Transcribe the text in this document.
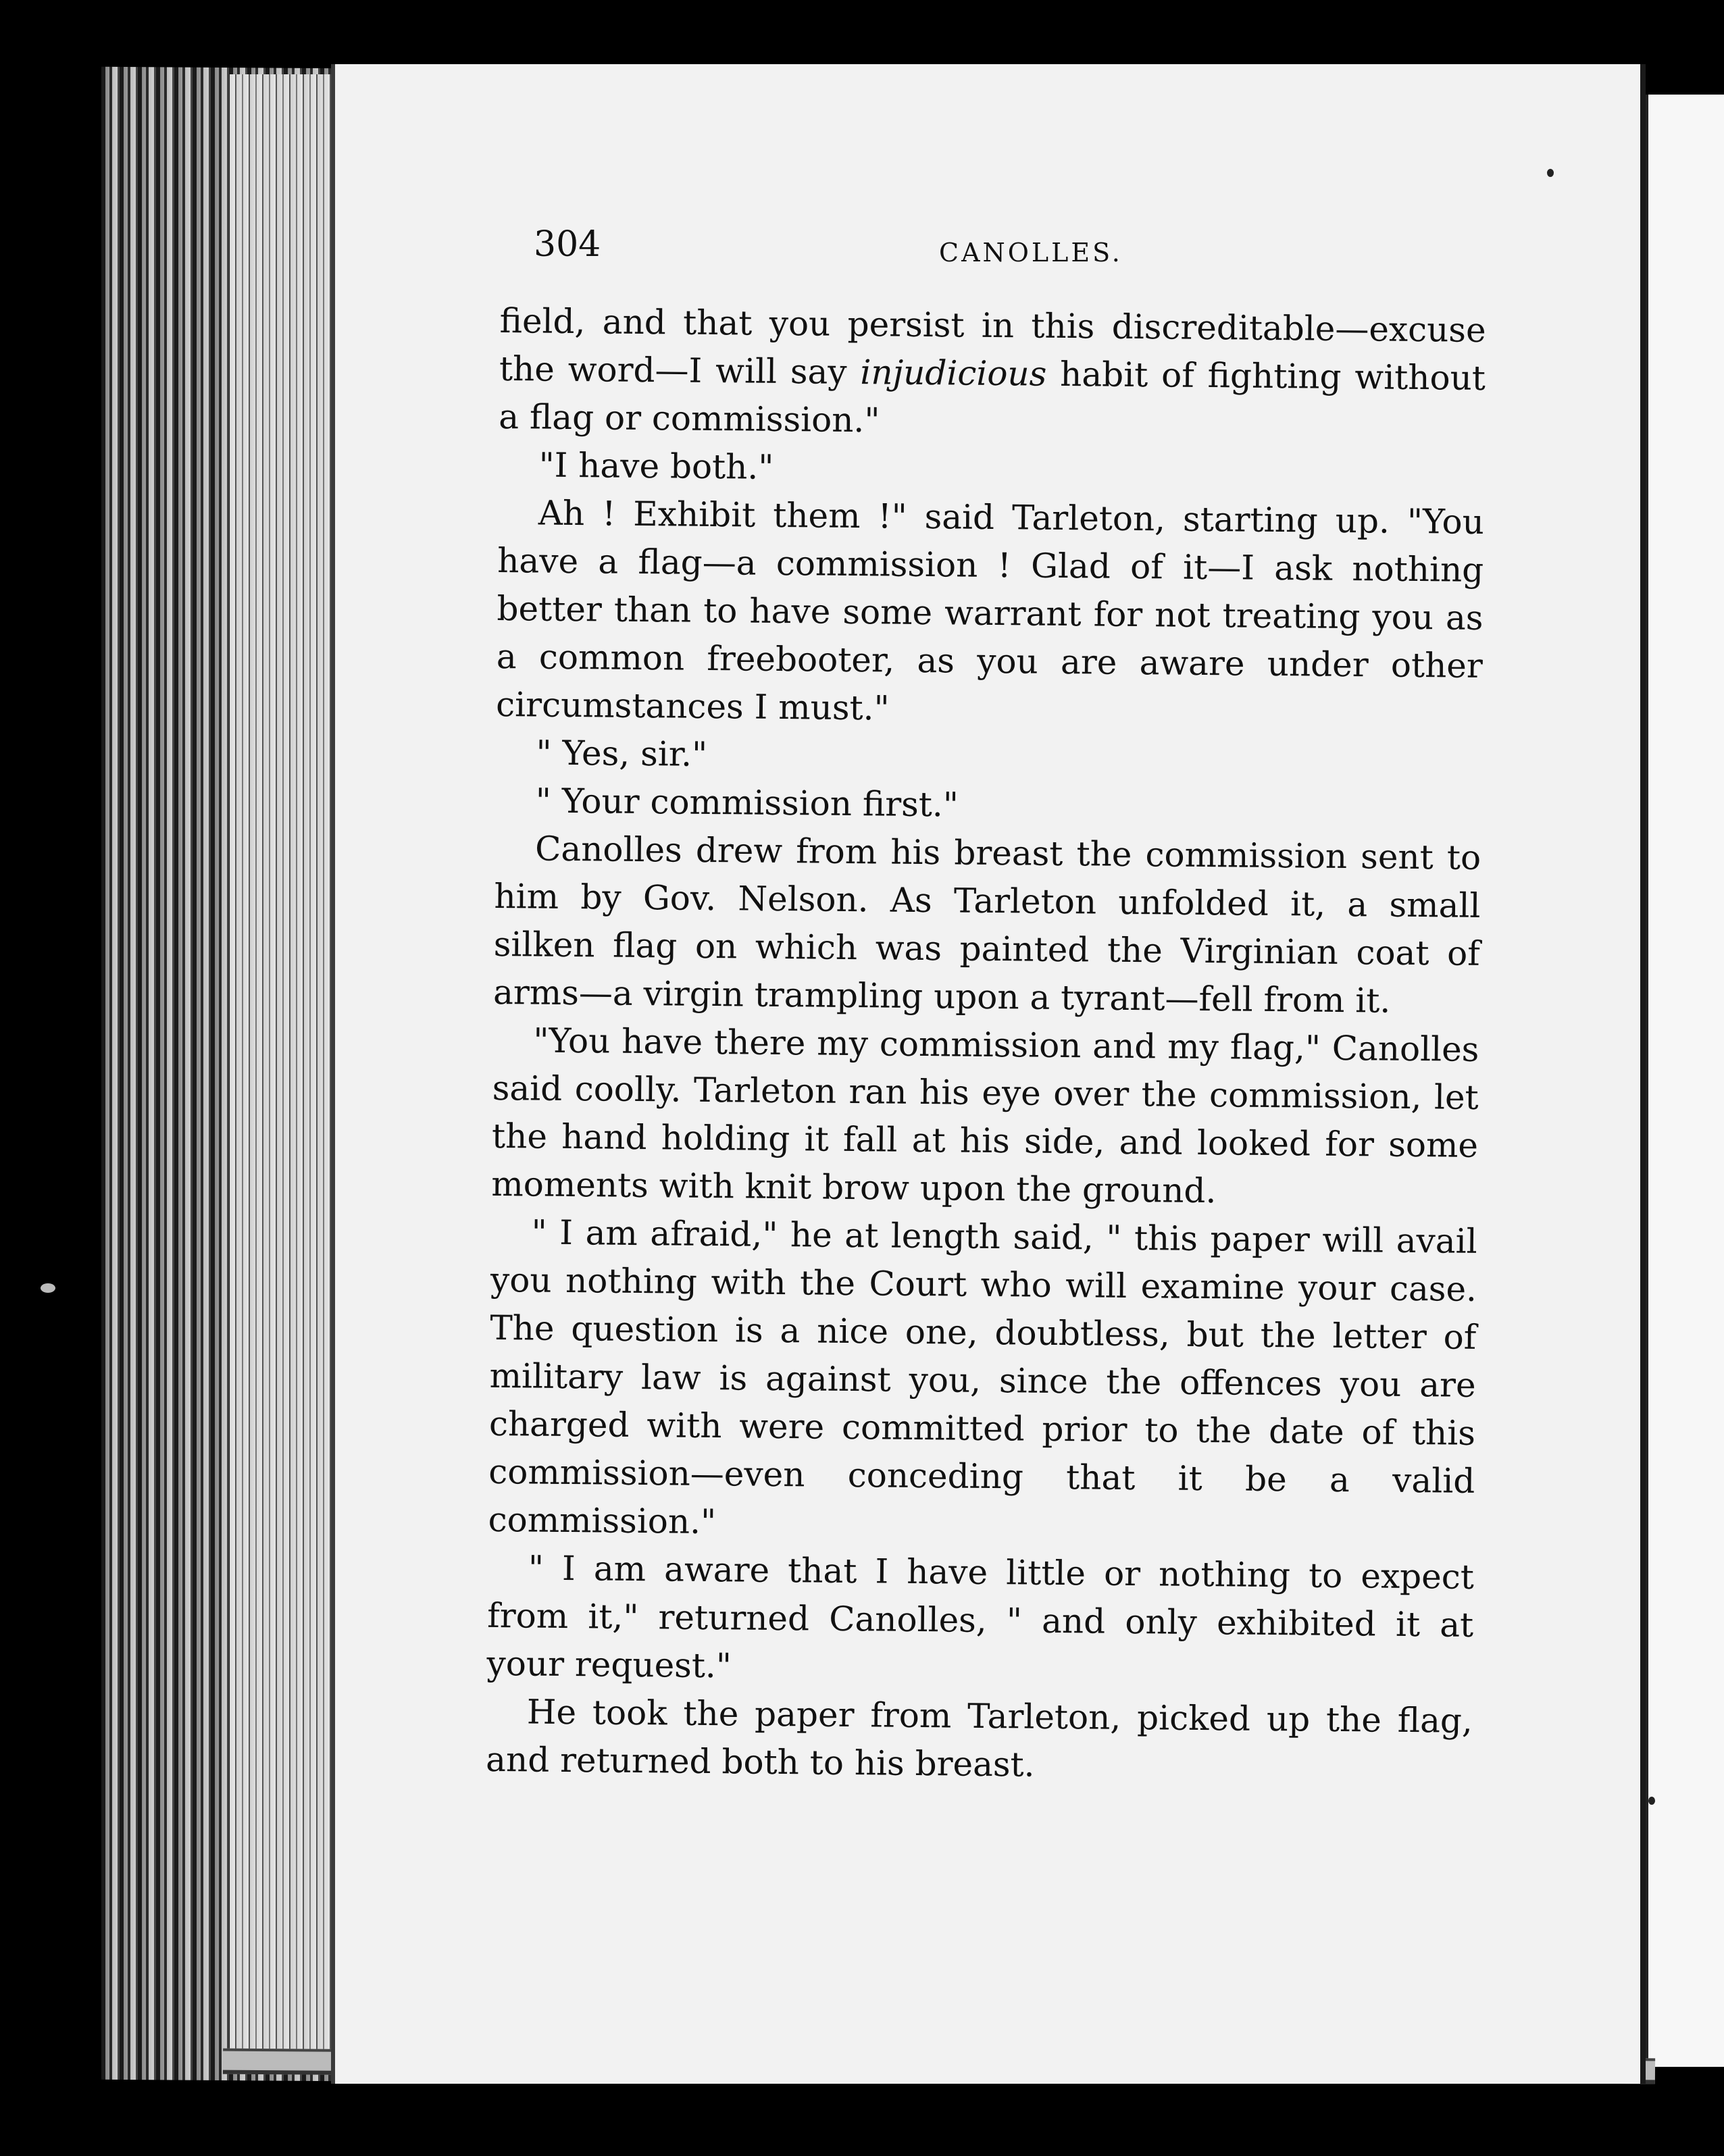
304	CANOLLES.

field, and that you persist in this discreditable—excuse the word—I will say injudicious habit of fighting without a flag or commission."

"I have both."

Ah ! Exhibit them !" said Tarleton, starting up. "You have a flag—a commission ! Glad of it—I ask nothing better than to have some warrant for not treating you as a common freebooter, as you are aware under other circumstances I must."

" Yes, sir."

" Your commission first."

Canolles drew from his breast the commission sent to him by Gov. Nelson. As Tarleton unfolded it, a small silken flag on which was painted the Virginian coat of arms—a virgin trampling upon a tyrant—fell from it.

"You have there my commission and my flag," Canolles said coolly. Tarleton ran his eye over the commission, let the hand holding it fall at his side, and looked for some moments with knit brow upon the ground.

" I am afraid," he at length said, " this paper will avail you nothing with the Court who will examine your case. The question is a nice one, doubtless, but the letter of military law is against you, since the offences you are charged with were committed prior to the date of this commission—even conceding that it be a valid commission."

" I am aware that I have little or nothing to expect from it," returned Canolles, " and only exhibited it at your request."

He took the paper from Tarleton, picked up the flag, and returned both to his breast.
